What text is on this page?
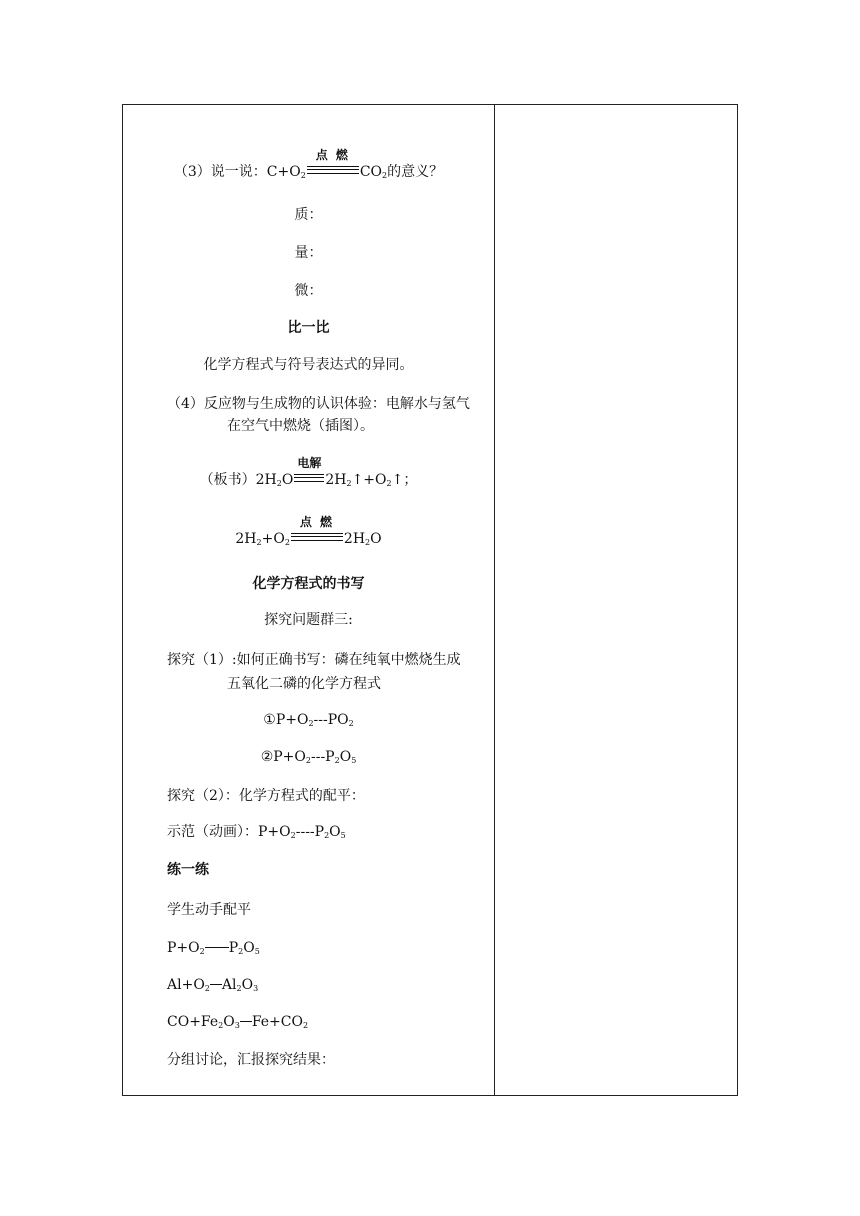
（3）说一说：$C+O_2$
点 燃
$CO_2$的意义？
质：
量：
微：
比一比
化学方程式与符号表达式的异同。
（4）反应物与生成物的认识体验：电解水与氢气
在空气中燃烧（插图）。
（板书）$2H_2O$
电解
$2H_2↑+O_2↑$；
$2H_2+O_2$
点 燃
$2H_2O$
化学方程式的书写
探究问题群三:
探究（1）:如何正确书写：磷在纯氧中燃烧生成
五氧化二磷的化学方程式
$①P+O_2---PO_2$
$②P+O_2---P_2O_5$
探究（2）：化学方程式的配平：
示范（动画）：$P+O_2----P_2O_5$
练一练
学生动手配平
$P+O_2$ $P_2O_5$
$Al+O_2$ $Al_2O_3$
$CO+Fe_2O_3$ $Fe+CO_2$
分组讨论，汇报探究结果：
